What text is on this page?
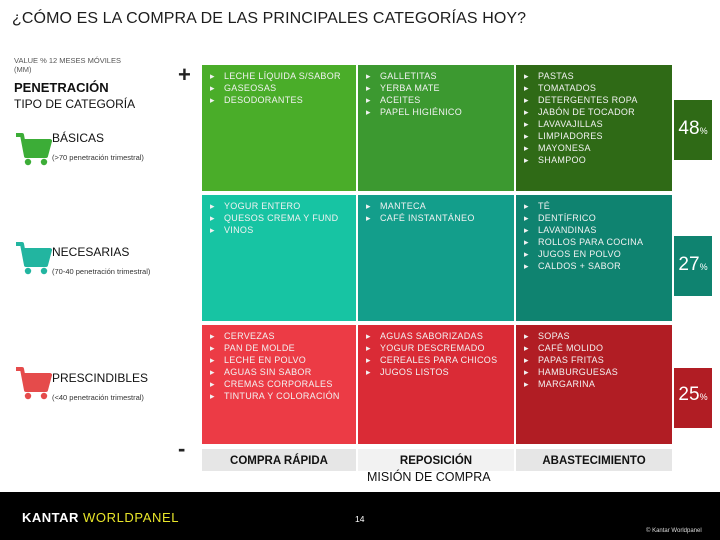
¿CÓMO ES LA COMPRA DE LAS PRINCIPALES CATEGORÍAS HOY?
VALUE % 12 MESES MÓVILES (MM)
PENETRACIÓN
TIPO DE CATEGORÍA
+
-
BÁSICAS
(>70 penetración trimestral)
NECESARIAS
(70-40 penetración trimestral)
PRESCINDIBLES
(<40 penetración trimestral)
▸ LECHE LÍQUIDA S/SABOR
▸ GASEOSAS
▸ DESODORANTES
▸ GALLETITAS
▸ YERBA MATE
▸ ACEITES
▸ PAPEL HIGIÉNICO
▸ PASTAS
▸ TOMATADOS
▸ DETERGENTES ROPA
▸ JABÓN DE TOCADOR
▸ LAVAVAJILLAS
▸ LIMPIADORES
▸ MAYONESA
▸ SHAMPOO
▸ YOGUR ENTERO
▸ QUESOS CREMA Y FUND
▸ VINOS
▸ MANTECA
▸ CAFÉ INSTANTÁNEO
▸ TÉ
▸ DENTÍFRICO
▸ LAVANDINAS
▸ ROLLOS PARA COCINA
▸ JUGOS EN POLVO
▸ CALDOS + SABOR
▸ CERVEZAS
▸ PAN DE MOLDE
▸ LECHE EN POLVO
▸ AGUAS SIN SABOR
▸ CREMAS CORPORALES
▸ TINTURA Y COLORACIÓN
▸ AGUAS SABORIZADAS
▸ YOGUR DESCREMADO
▸ CEREALES PARA CHICOS
▸ JUGOS LISTOS
▸ SOPAS
▸ CAFÉ MOLIDO
▸ PAPAS FRITAS
▸ HAMBURGUESAS
▸ MARGARINA
48%
27%
25%
COMPRA RÁPIDA	REPOSICIÓN	ABASTECIMIENTO
MISIÓN DE COMPRA
KANTAR WORLDPANEL	14
© Kantar Worldpanel
